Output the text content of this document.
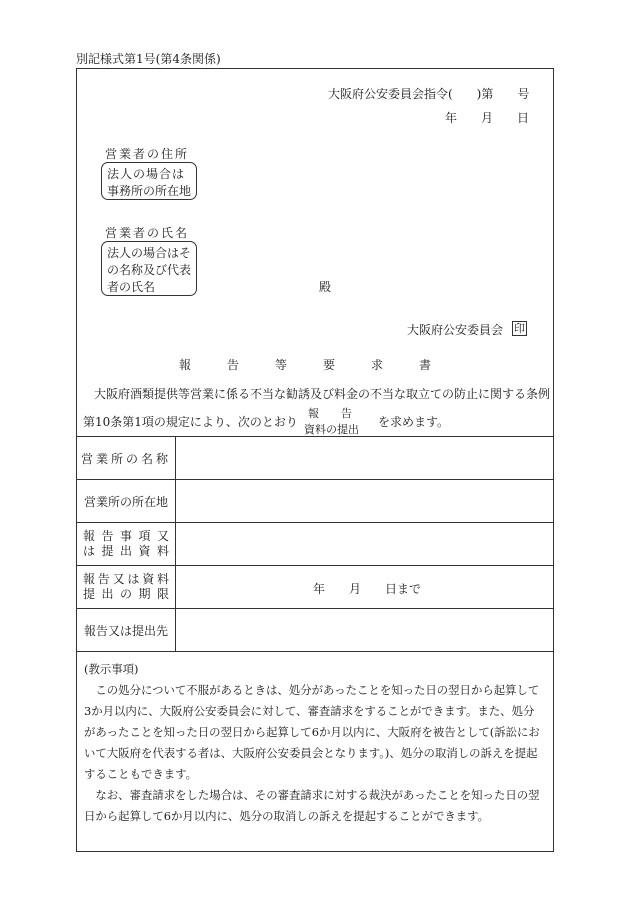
別記様式第1号(第4条関係)
大阪府公安委員会指令(　　)第　　号
年　　月　　日
営業者の住所
法人の場合は
事務所の所在地
営業者の氏名
法人の場合はそ
の名称及び代表
者の氏名	殿
大阪府公安委員会 印
報　　　告　　　等　　　要　　　求　　　書
大阪府酒類提供等営業に係る不当な勧誘及び料金の不当な取立ての防止に関する条例
第10条第1項の規定により、次のとおり
報　　告
資料の提出
を求めます。
営業所の名称
営業所の所在地
報告事項又
は提出資料
報告又は資料
提出の期限	年　　月　　日まで
報告又は提出先

(教示事項)

この処分について不服があるときは、処分があったことを知った日の翌日から起算して3か月以内に、大阪府公安委員会に対して、審査請求をすることができます。また、処分があったことを知った日の翌日から起算して6か月以内に、大阪府を被告として(訴訟において大阪府を代表する者は、大阪府公安委員会となります。)、処分の取消しの訴えを提起することもできます。

なお、審査請求をした場合は、その審査請求に対する裁決があったことを知った日の翌日から起算して6か月以内に、処分の取消しの訴えを提起することができます。
